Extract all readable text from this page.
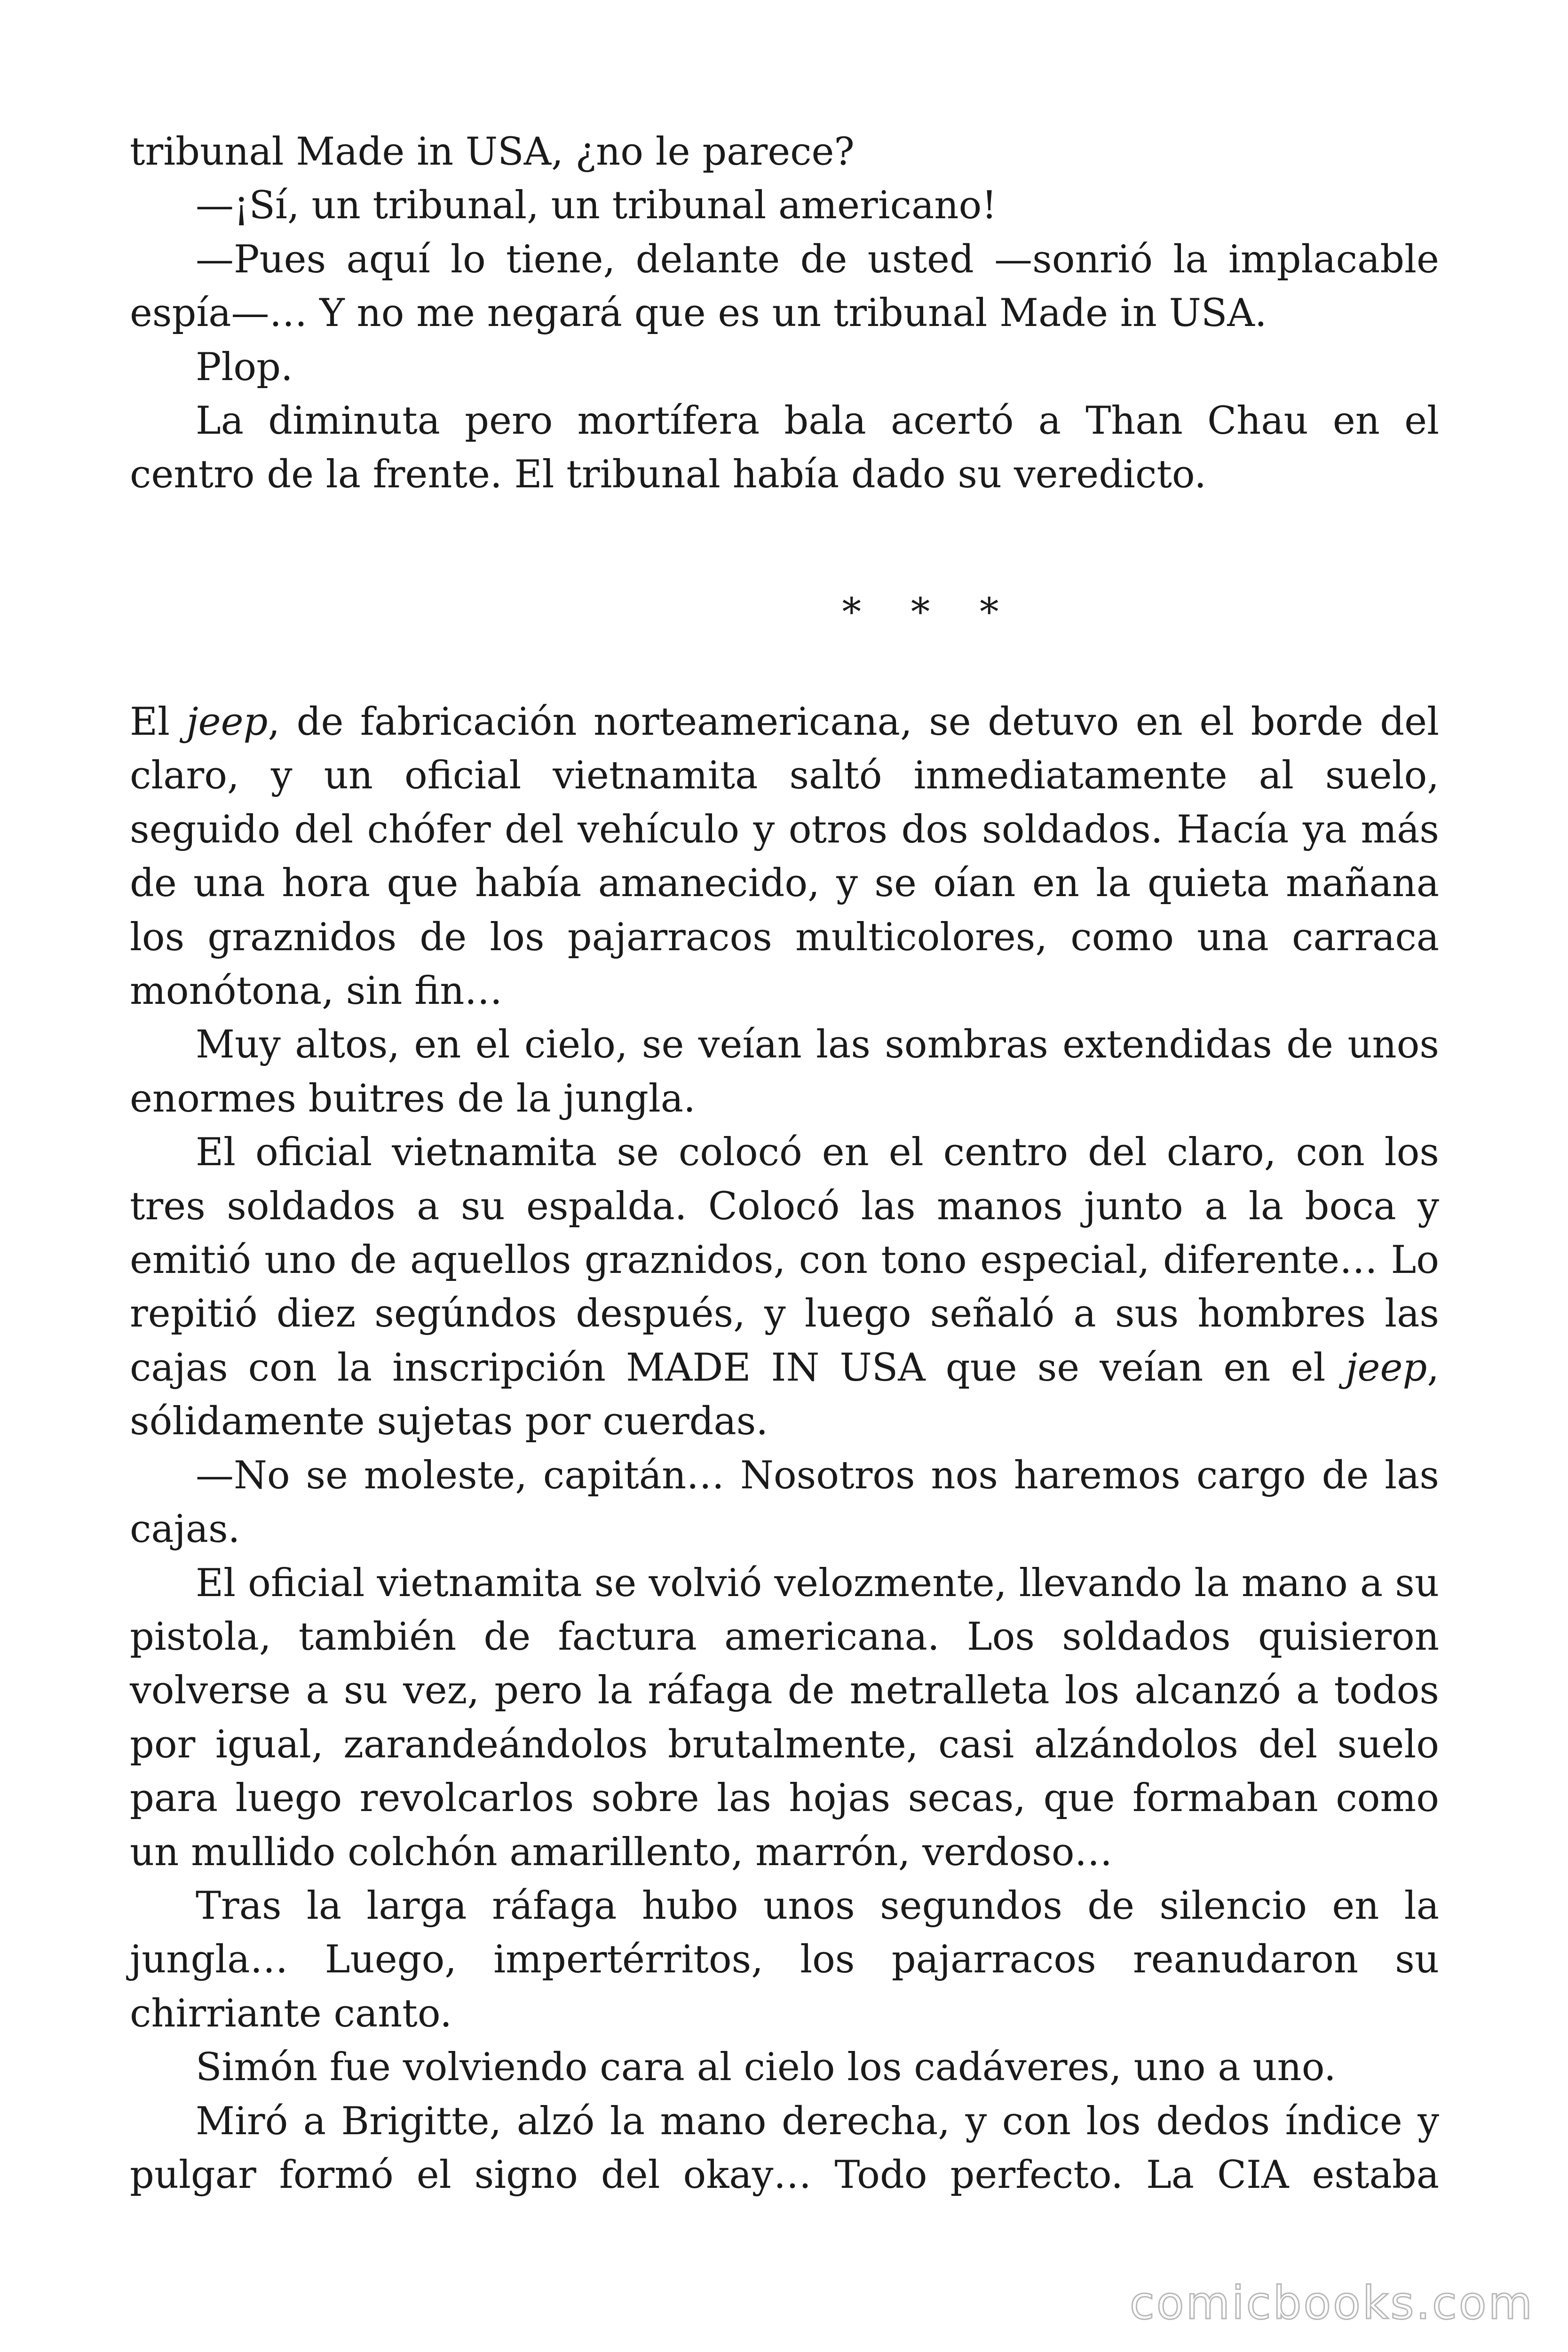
tribunal Made in USA, ¿no le parece?

—¡Sí, un tribunal, un tribunal americano!

—Pues aquí lo tiene, delante de usted —sonrió la implacable espía—… Y no me negará que es un tribunal Made in USA.

Plop.

La diminuta pero mortífera bala acertó a Than Chau en el centro de la frente. El tribunal había dado su veredicto.

* * *

El jeep, de fabricación norteamericana, se detuvo en el borde del claro, y un oficial vietnamita saltó inmediatamente al suelo, seguido del chófer del vehículo y otros dos soldados. Hacía ya más de una hora que había amanecido, y se oían en la quieta mañana los graznidos de los pajarracos multicolores, como una carraca monótona, sin fin…

Muy altos, en el cielo, se veían las sombras extendidas de unos enormes buitres de la jungla.

El oficial vietnamita se colocó en el centro del claro, con los tres soldados a su espalda. Colocó las manos junto a la boca y emitió uno de aquellos graznidos, con tono especial, diferente… Lo repitió diez segúndos después, y luego señaló a sus hombres las cajas con la inscripción MADE IN USA que se veían en el jeep, sólidamente sujetas por cuerdas.

—No se moleste, capitán… Nosotros nos haremos cargo de las cajas.

El oficial vietnamita se volvió velozmente, llevando la mano a su pistola, también de factura americana. Los soldados quisieron volverse a su vez, pero la ráfaga de metralleta los alcanzó a todos por igual, zarandeándolos brutalmente, casi alzándolos del suelo para luego revolcarlos sobre las hojas secas, que formaban como un mullido colchón amarillento, marrón, verdoso…

Tras la larga ráfaga hubo unos segundos de silencio en la jungla… Luego, impertérritos, los pajarracos reanudaron su chirriante canto.

Simón fue volviendo cara al cielo los cadáveres, uno a uno.

Miró a Brigitte, alzó la mano derecha, y con los dedos índice y pulgar formó el signo del okay… Todo perfecto. La CIA estaba

comicbooks.com
